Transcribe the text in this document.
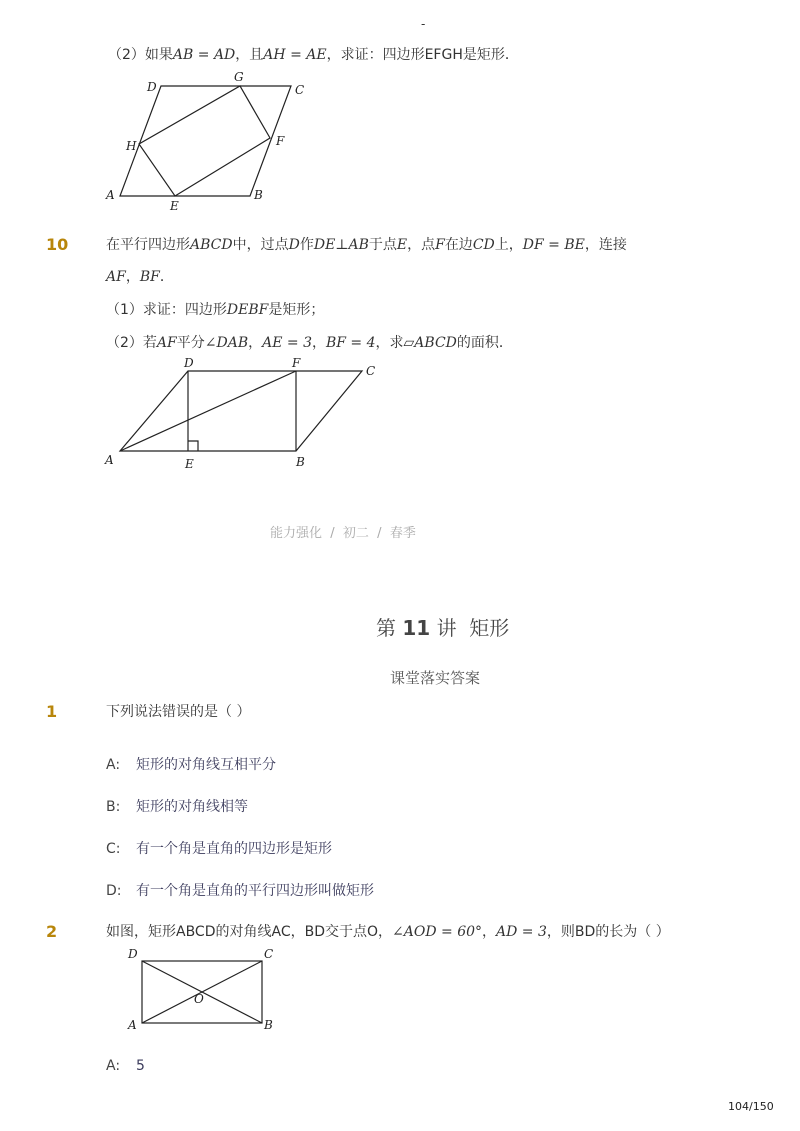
-
（2）如果AB = AD，且AH = AE，求证：四边形EFGH是矩形．
D
G
C
H	F
A
E
B
10	在平行四边形ABCD中，过点D作DE⊥AB于点E，点F在边CD上，DF = BE，连接
AF，BF．
（1）求证：四边形DEBF是矩形；
（2）若AF平分∠DAB，AE = 3，BF = 4，求▱ABCD的面积．
D	F
C
A	E	B
能力强化  /  初二  /  春季
第 11 讲  矩形
课堂落实答案
1	下列说法错误的是（ ）
A: 矩形的对角线互相平分
B: 矩形的对角线相等
C: 有一个角是直角的四边形是矩形
D: 有一个角是直角的平行四边形叫做矩形
2	如图，矩形ABCD的对角线AC，BD交于点O，∠AOD = 60°，AD = 3，则BD的长为（ ）
D	C
O
A	B
A: 5
104/150
